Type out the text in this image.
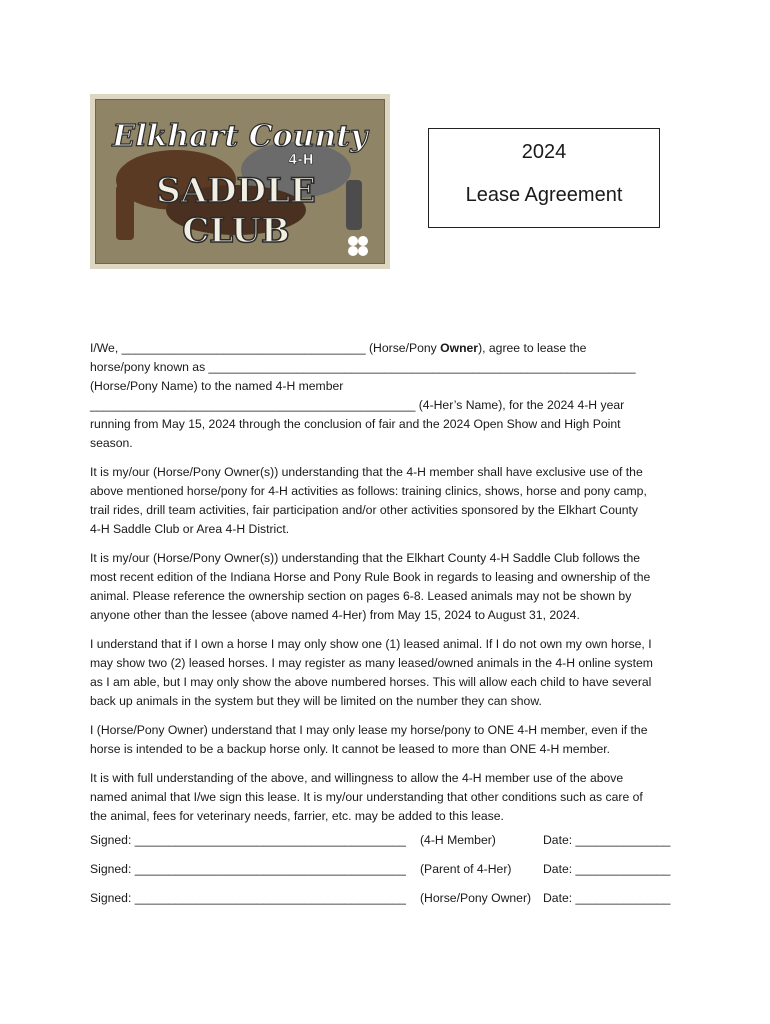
Elkhart County
4-H
SADDLE
CLUB
2024
Lease Agreement

I/We, ____________________________________ (Horse/Pony Owner), agree to lease the
horse/pony known as _______________________________________________________________
(Horse/Pony Name) to the named 4-H member
________________________________________________ (4-Her’s Name), for the 2024 4-H year
running from May 15, 2024 through the conclusion of fair and the 2024 Open Show and High Point
season.

It is my/our (Horse/Pony Owner(s)) understanding that the 4-H member shall have exclusive use of the
above mentioned horse/pony for 4-H activities as follows: training clinics, shows, horse and pony camp,
trail rides, drill team activities, fair participation and/or other activities sponsored by the Elkhart County
4-H Saddle Club or Area 4-H District.

It is my/our (Horse/Pony Owner(s)) understanding that the Elkhart County 4-H Saddle Club follows the
most recent edition of the Indiana Horse and Pony Rule Book in regards to leasing and ownership of the
animal. Please reference the ownership section on pages 6-8. Leased animals may not be shown by
anyone other than the lessee (above named 4-Her) from May 15, 2024 to August 31, 2024.

I understand that if I own a horse I may only show one (1) leased animal. If I do not own my own horse, I
may show two (2) leased horses. I may register as many leased/owned animals in the 4-H online system
as I am able, but I may only show the above numbered horses. This will allow each child to have several
back up animals in the system but they will be limited on the number they can show.

I (Horse/Pony Owner) understand that I may only lease my horse/pony to ONE 4-H member, even if the
horse is intended to be a backup horse only. It cannot be leased to more than ONE 4-H member.

It is with full understanding of the above, and willingness to allow the 4-H member use of the above
named animal that I/we sign this lease. It is my/our understanding that other conditions such as care of
the animal, fees for veterinary needs, farrier, etc. may be added to this lease.

Signed: ________________________________________ (4-H Member)	Date: ______________
Signed: ________________________________________ (Parent of 4-Her)	Date: ______________
Signed: ________________________________________ (Horse/Pony Owner) Date: ______________
